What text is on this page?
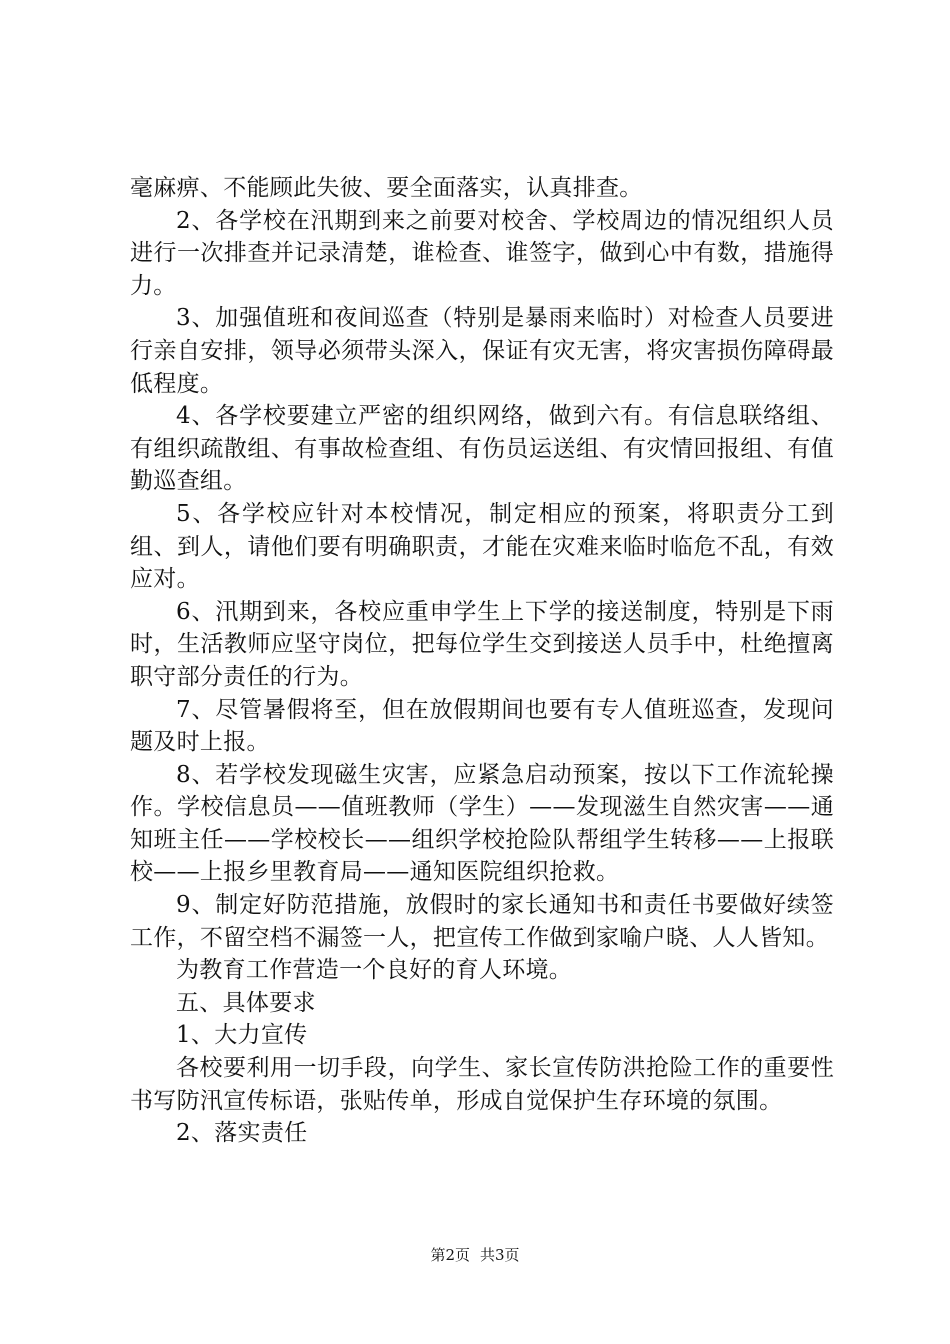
毫麻痹、不能顾此失彼、要全面落实，认真排查。

2、各学校在汛期到来之前要对校舍、学校周边的情况组织人员进行一次排查并记录清楚，谁检查、谁签字，做到心中有数，措施得力。

3、加强值班和夜间巡查（特别是暴雨来临时）对检查人员要进行亲自安排，领导必须带头深入，保证有灾无害，将灾害损伤障碍最低程度。

4、各学校要建立严密的组织网络，做到六有。有信息联络组、有组织疏散组、有事故检查组、有伤员运送组、有灾情回报组、有值勤巡查组。

5、各学校应针对本校情况，制定相应的预案，将职责分工到组、到人，请他们要有明确职责，才能在灾难来临时临危不乱，有效应对。

6、汛期到来，各校应重申学生上下学的接送制度，特别是下雨时，生活教师应坚守岗位，把每位学生交到接送人员手中，杜绝擅离职守部分责任的行为。

7、尽管暑假将至，但在放假期间也要有专人值班巡查，发现问题及时上报。

8、若学校发现磁生灾害，应紧急启动预案，按以下工作流轮操作。学校信息员——值班教师（学生）——发现滋生自然灾害——通知班主任——学校校长——组织学校抢险队帮组学生转移——上报联校——上报乡里教育局——通知医院组织抢救。

9、制定好防范措施，放假时的家长通知书和责任书要做好续签工作，不留空档不漏签一人，把宣传工作做到家喻户晓、人人皆知。

为教育工作营造一个良好的育人环境。

五、具体要求

1、大力宣传

各校要利用一切手段，向学生、家长宣传防洪抢险工作的重要性书写防汛宣传标语，张贴传单，形成自觉保护生存环境的氛围。

2、落实责任

第2页 共3页
